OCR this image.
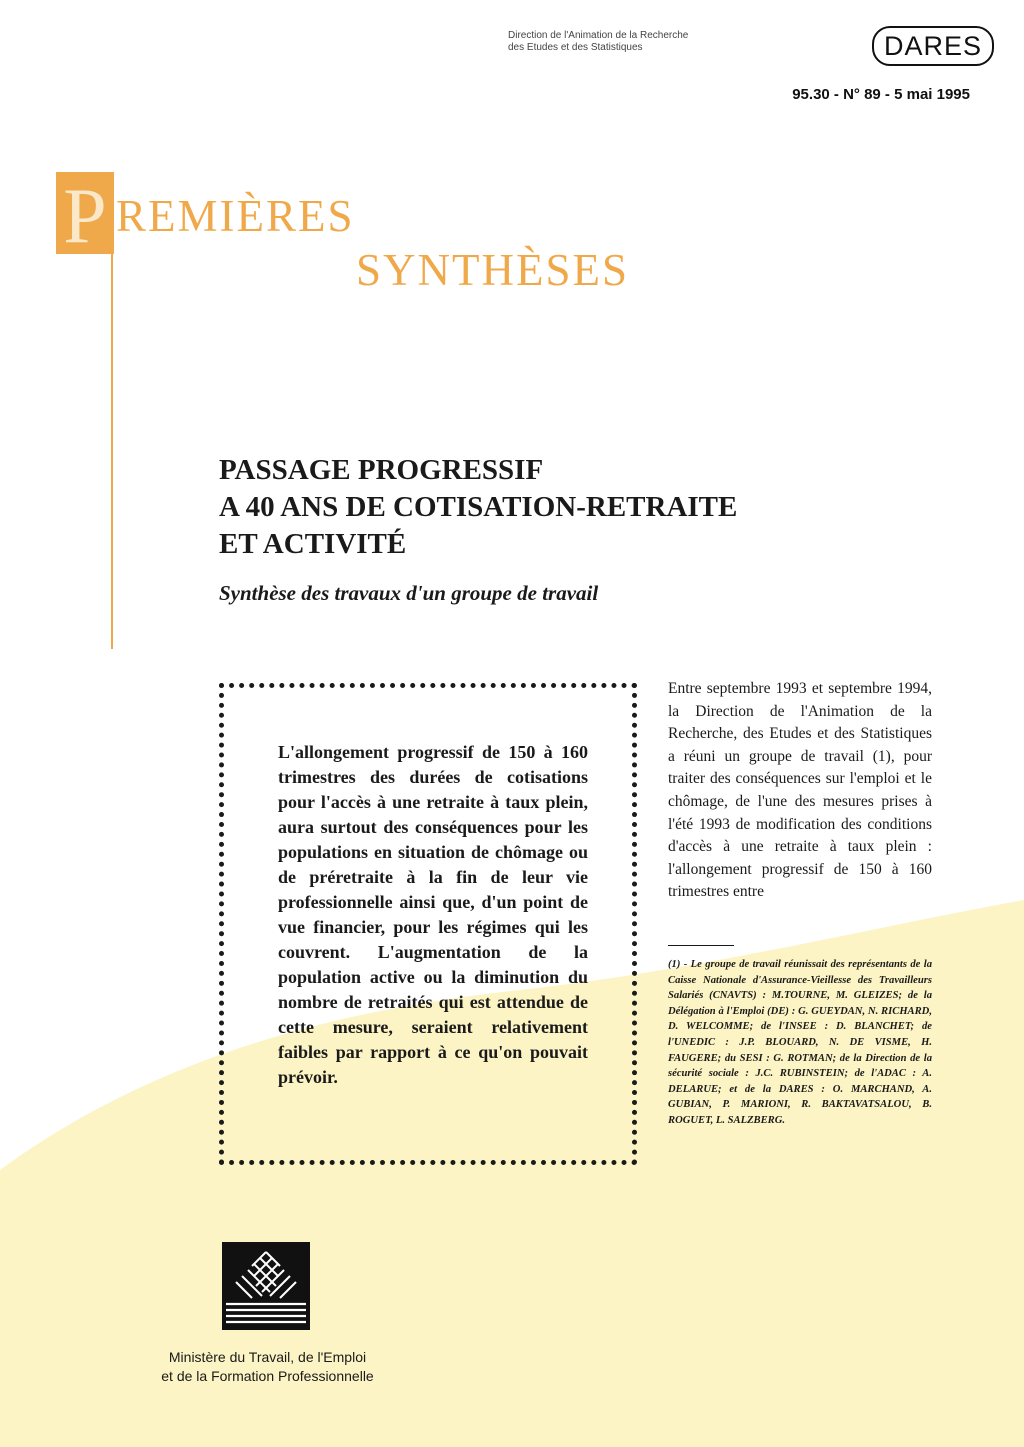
Direction de l'Animation de la Recherche
des Etudes et des Statistiques	DARES
95.30 - N° 89 - 5 mai 1995
P REMIÈRES
SYNTHÈSES
PASSAGE PROGRESSIF
A 40 ANS DE COTISATION-RETRAITE
ET ACTIVITÉ
Synthèse des travaux d'un groupe de travail
L'allongement progressif de 150 à 160 trimestres des durées de cotisations pour l'accès à une retraite à taux plein, aura surtout des conséquences pour les populations en situation de chômage ou de préretraite à la fin de leur vie professionnelle ainsi que, d'un point de vue financier, pour les régimes qui les couvrent. L'augmentation de la population active ou la diminution du nombre de retraités qui est attendue de cette mesure, seraient relativement faibles par rapport à ce qu'on pouvait prévoir.
Entre septembre 1993 et septembre 1994, la Direction de l'Animation de la Recherche, des Etudes et des Statistiques a réuni un groupe de travail (1), pour traiter des conséquences sur l'emploi et le chômage, de l'une des mesures prises à l'été 1993 de modification des conditions d'accès à une retraite à taux plein : l'allongement progressif de 150 à 160 trimestres entre
(1) - Le groupe de travail réunissait des représentants de la Caisse Nationale d'Assurance-Vieillesse des Travailleurs Salariés (CNAVTS) : M.TOURNE, M. GLEIZES; de la Délégation à l'Emploi (DE) : G. GUEYDAN, N. RICHARD, D. WELCOMME; de l'INSEE : D. BLANCHET; de l'UNEDIC : J.P. BLOUARD, N. DE VISME, H. FAUGERE; du SESI : G. ROTMAN; de la Direction de la sécurité sociale : J.C. RUBINSTEIN; de l'ADAC : A. DELARUE; et de la DARES : O. MARCHAND, A. GUBIAN, P. MARIONI, R. BAKTAVATSALOU, B. ROGUET, L. SALZBERG.
Ministère du Travail, de l'Emploi
et de la Formation Professionnelle
